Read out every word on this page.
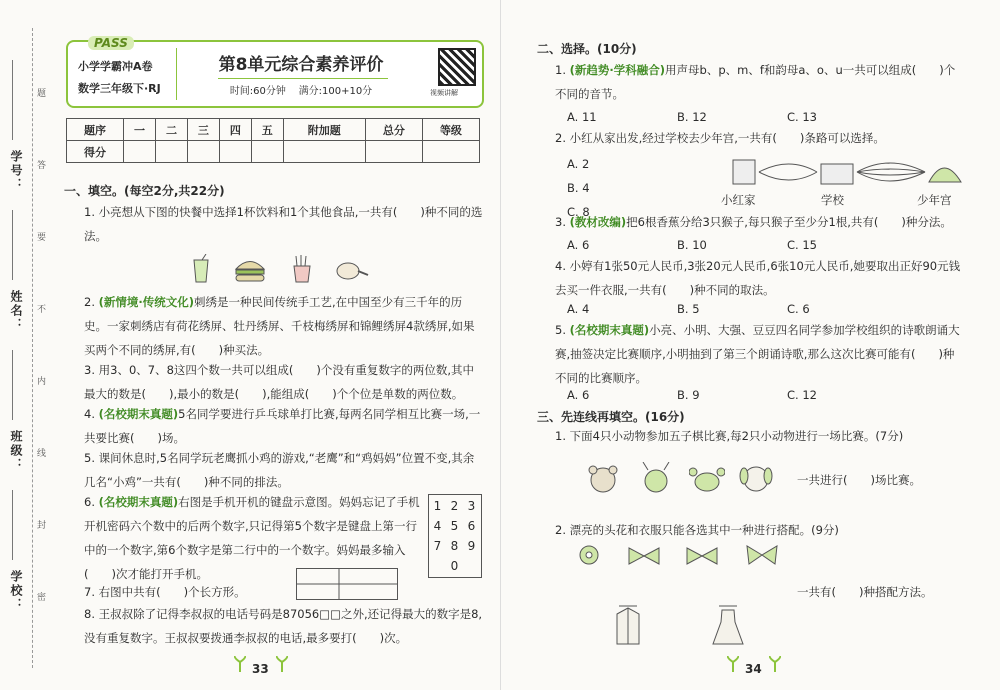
学号：
姓名：
班级：
学校：
题
答
要
不
内
线
封
密
PASS
小学学霸冲A卷
数学三年级下·RJ
第8单元综合素养评价
时间:60分钟 满分:100+10分	视频讲解
题序	一	二	三	四	五	附加题	总分	等级
得分								
一、填空。(每空2分,共22分)
1. 小亮想从下图的快餐中选择1杯饮料和1个其他食品,一共有(　　)种不同的选法。
2. (新情境·传统文化)刺绣是一种民间传统手工艺,在中国至少有三千年的历史。一家刺绣店有荷花绣屏、牡丹绣屏、千枝梅绣屏和锦鲤绣屏4款绣屏,如果买两个不同的绣屏,有(　　)种买法。
3. 用3、0、7、8这四个数一共可以组成(　　)个没有重复数字的两位数,其中最大的数是(　　),最小的数是(　　),能组成(　　)个个位是单数的两位数。
4. (名校期末真题)5名同学要进行乒乓球单打比赛,每两名同学相互比赛一场,一共要比赛(　　)场。
5. 课间休息时,5名同学玩老鹰抓小鸡的游戏,“老鹰”和“鸡妈妈”位置不变,其余几名“小鸡”一共有(　　)种不同的排法。
6. (名校期末真题)右图是手机开机的键盘示意图。妈妈忘记了手机开机密码六个数中的后两个数字,只记得第5个数字是键盘上第一行中的一个数字,第6个数字是第二行中的一个数字。妈妈最多输入(　　)次才能打开手机。
1 2 3
4 5 6
7 8 9
0
7. 右图中共有(　　)个长方形。
8. 王叔叔除了记得李叔叔的电话号码是87056□□之外,还记得最大的数字是8,没有重复数字。王叔叔要拨通李叔叔的电话,最多要打(　　)次。
33
二、选择。(10分)
1. (新趋势·学科融合)用声母b、p、m、f和韵母a、o、u一共可以组成(　　)个不同的音节。
A. 11	B. 12	C. 13
2. 小红从家出发,经过学校去少年宫,一共有(　　)条路可以选择。
A. 2
B. 4
C. 8
小红家	学校	少年宫
3. (教材改编)把6根香蕉分给3只猴子,每只猴子至少分1根,共有(　　)种分法。
A. 6	B. 10	C. 15
4. 小婷有1张50元人民币,3张20元人民币,6张10元人民币,她要取出正好90元钱去买一件衣服,一共有(　　)种不同的取法。
A. 4	B. 5	C. 6
5. (名校期末真题)小亮、小明、大强、豆豆四名同学参加学校组织的诗歌朗诵大赛,抽签决定比赛顺序,小明抽到了第三个朗诵诗歌,那么这次比赛可能有(　　)种不同的比赛顺序。
A. 6	B. 9	C. 12
三、先连线再填空。(16分)
1. 下面4只小动物参加五子棋比赛,每2只小动物进行一场比赛。(7分)
一共进行(　　)场比赛。
2. 漂亮的头花和衣服只能各选其中一种进行搭配。(9分)
一共有(　　)种搭配方法。
34
